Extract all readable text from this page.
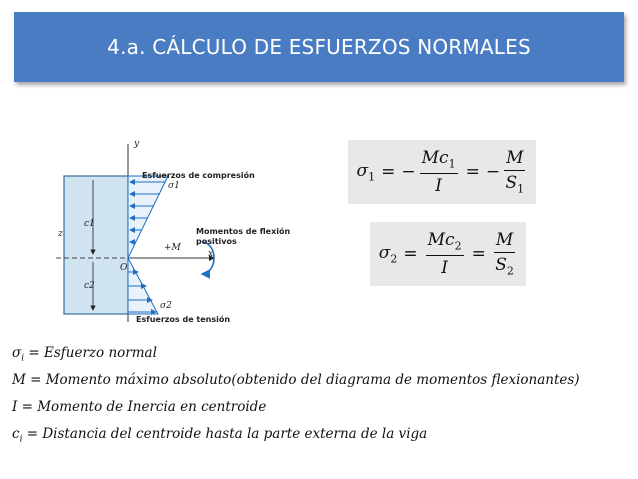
4.a. CÁLCULO DE ESFUERZOS NORMALES
y
Esfuerzos de compresión
σ1
c1
z	Momentos de flexión
positivos
+M
x
O
c2
σ2
Esfuerzos de tensión
$\sigma_1$ = − $\frac{Mc_1}{I}$ = − $\frac{M}{S_1}$
$\sigma_2 = \frac{Mc_2}{I} = \frac{M}{S_2}$
$\sigma_i$ = Esfuerzo normal
M = Momento máximo absoluto(obtenido del diagrama de momentos flexionantes)
I = Momento de Inercia en centroide
$c_i$ = Distancia del centroide hasta la parte externa de la viga
